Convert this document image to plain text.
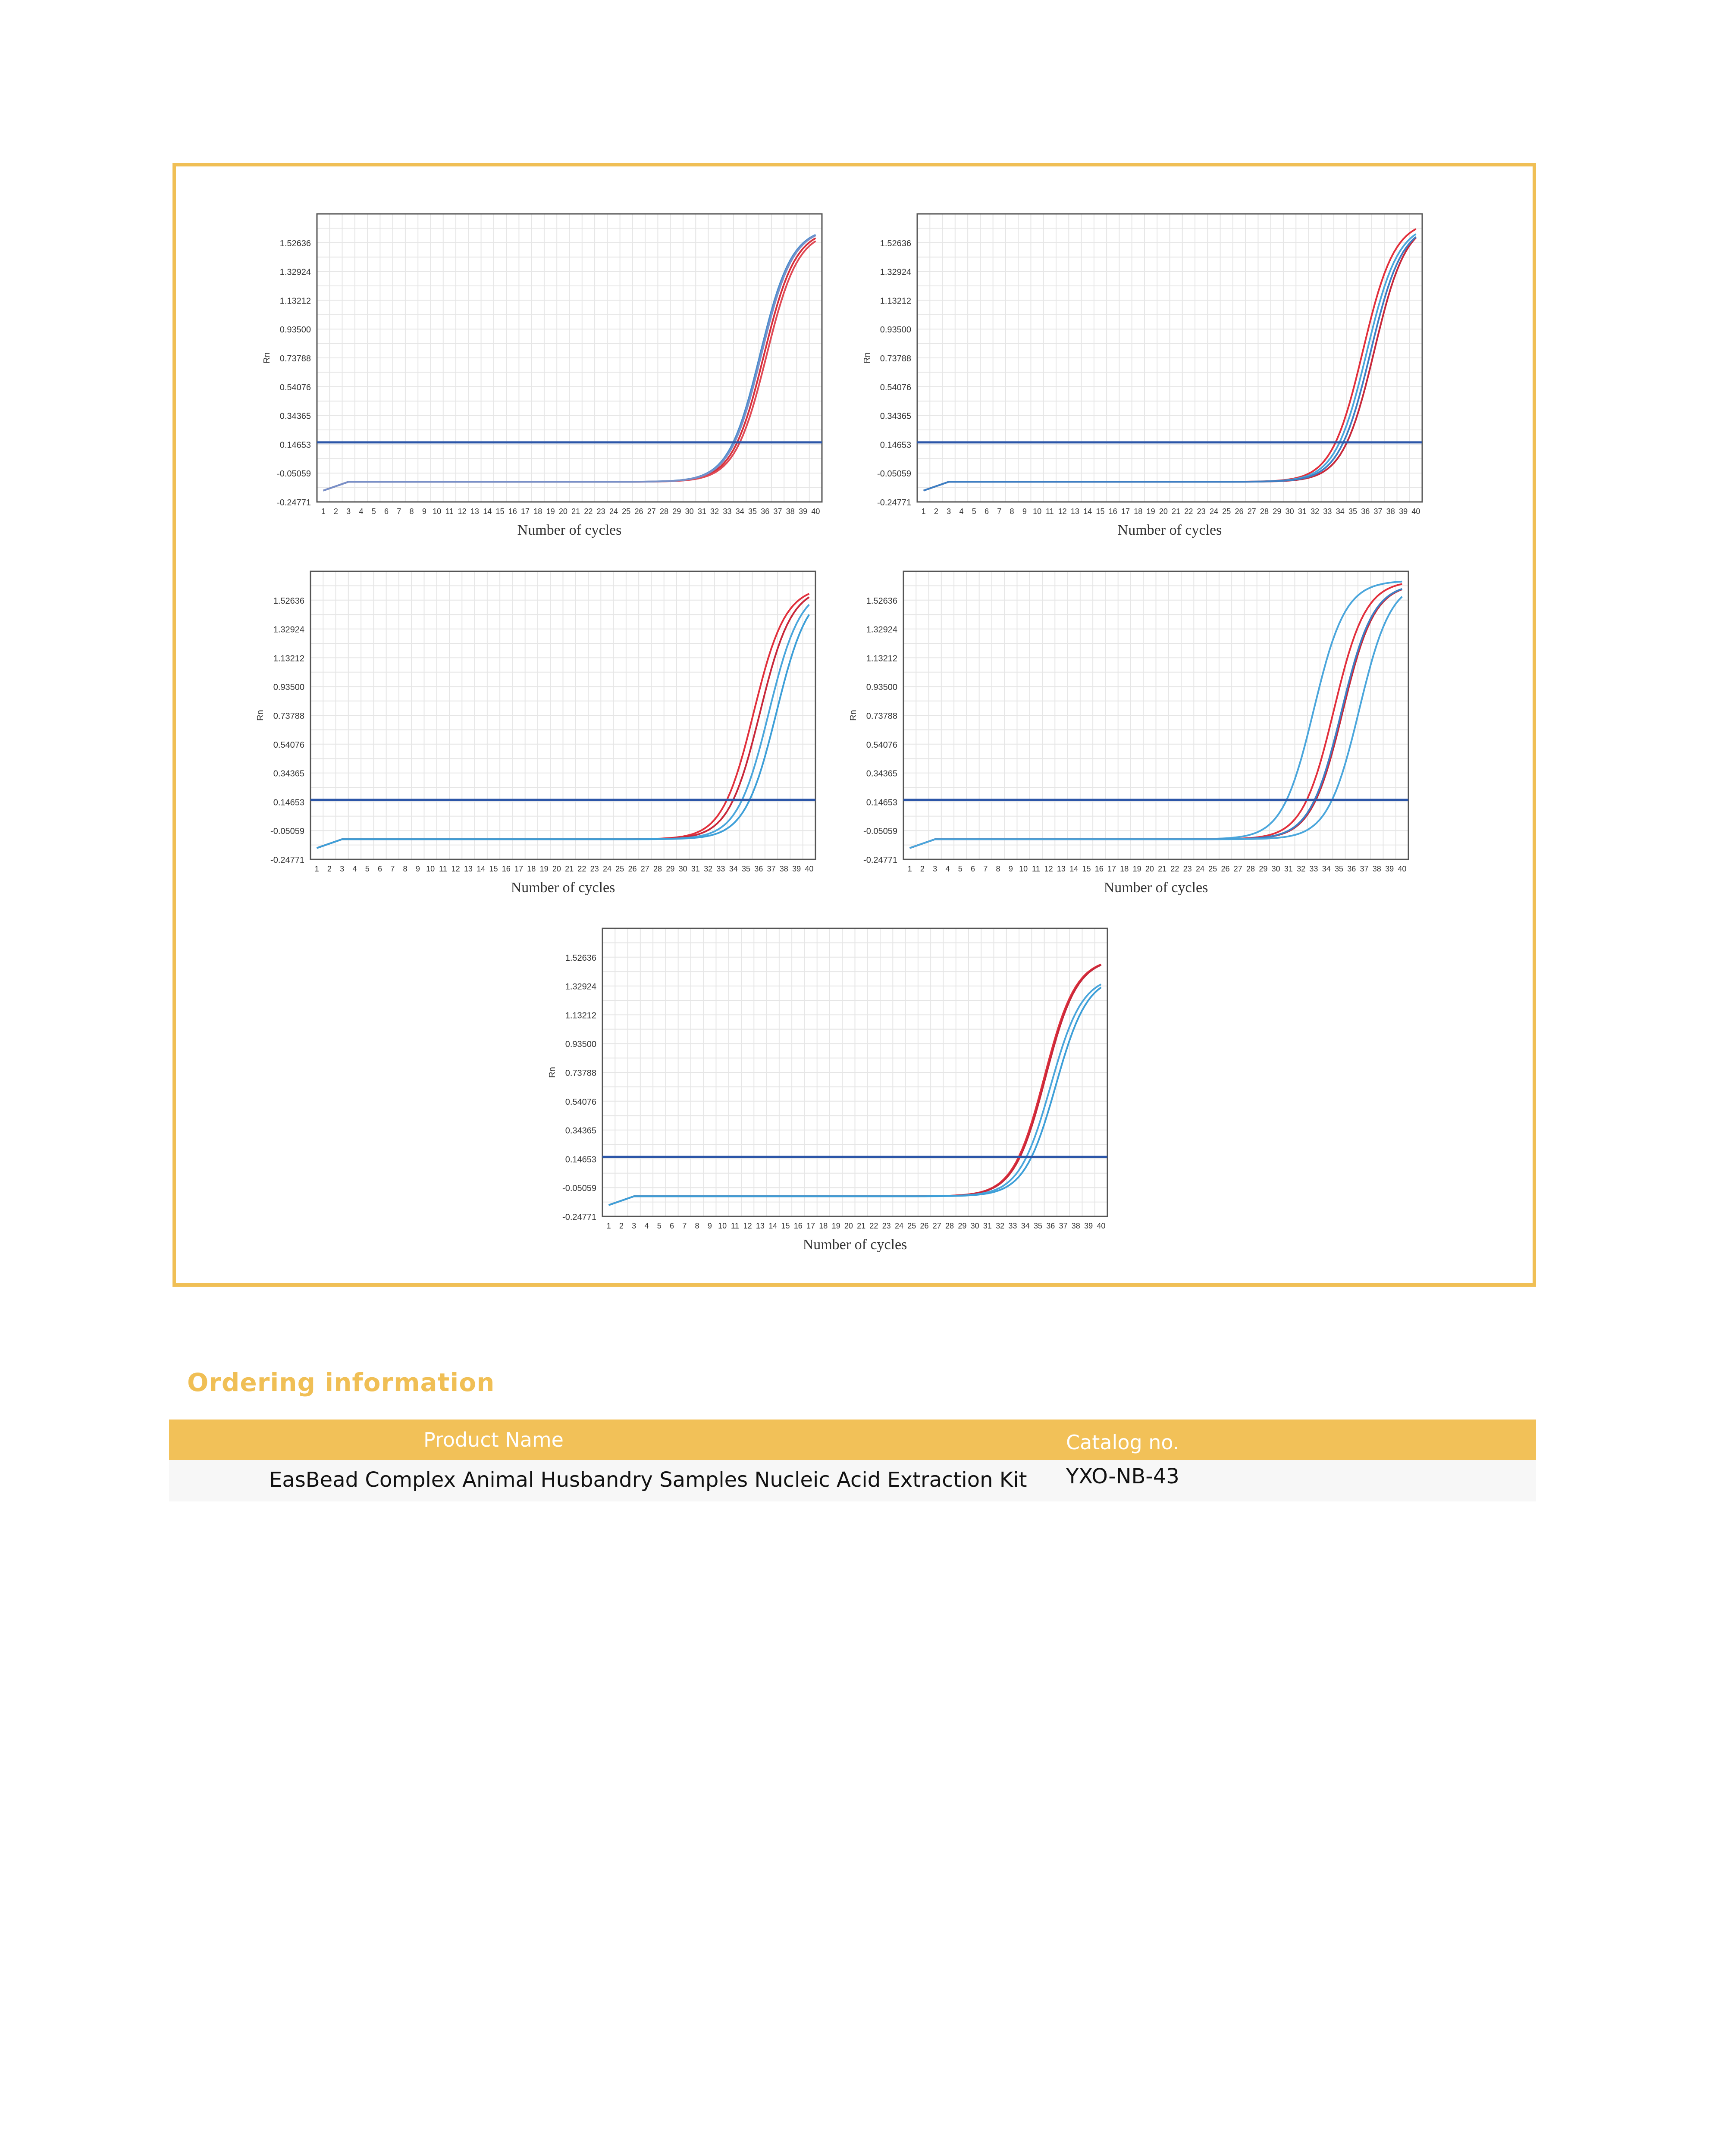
1.52636
1.32924
1.13212
0.93500
0.73788
0.54076
0.34365
0.14653
-0.05059
-0.24771
Rn
1 2 3 4 5 6 7 8 9 10 11 12 13 14 15 16 17 18 19 20 21 22 23 24 25 26 27 28 29 30 31 32 33 34 35 36 37 38 39 40
Number of cycles
1.52636
1.32924
1.13212
0.93500
0.73788
0.54076
0.34365
0.14653
-0.05059
-0.24771
Rn
1 2 3 4 5 6 7 8 9 10 11 12 13 14 15 16 17 18 19 20 21 22 23 24 25 26 27 28 29 30 31 32 33 34 35 36 37 38 39 40
Number of cycles
1.52636
1.32924
1.13212
0.93500
0.73788
0.54076
0.34365
0.14653
-0.05059
-0.24771
Rn
1 2 3 4 5 6 7 8 9 10 11 12 13 14 15 16 17 18 19 20 21 22 23 24 25 26 27 28 29 30 31 32 33 34 35 36 37 38 39 40
Number of cycles
1.52636
1.32924
1.13212
0.93500
0.73788
0.54076
0.34365
0.14653
-0.05059
-0.24771
Rn
1 2 3 4 5 6 7 8 9 10 11 12 13 14 15 16 17 18 19 20 21 22 23 24 25 26 27 28 29 30 31 32 33 34 35 36 37 38 39 40
Number of cycles
1.52636
1.32924
1.13212
0.93500
0.73788
0.54076
0.34365
0.14653
-0.05059
-0.24771
Rn
1 2 3 4 5 6 7 8 9 10 11 12 13 14 15 16 17 18 19 20 21 22 23 24 25 26 27 28 29 30 31 32 33 34 35 36 37 38 39 40
Number of cycles
Ordering information
Product Name	Catalog no.
EasBead Complex Animal Husbandry Samples Nucleic Acid Extraction Kit YXO-NB-43
